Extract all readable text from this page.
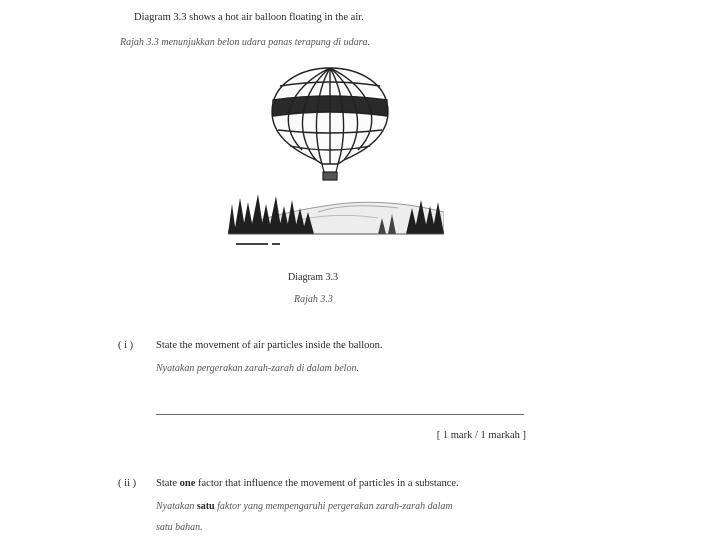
Diagram 3.3 shows a hot air balloon floating in the air.
Rajah 3.3 menunjukkan belon udara panas terapung di udara.
Diagram 3.3
Rajah 3.3
( i ) State the movement of air particles inside the balloon.
Nyatakan pergerakan zarah-zarah di dalam belon.
[ 1 mark / 1 markah ]
( ii ) State one factor that influence the movement of particles in a substance.
Nyatakan satu faktor yang mempengaruhi pergerakan zarah-zarah dalam
satu bahan.
